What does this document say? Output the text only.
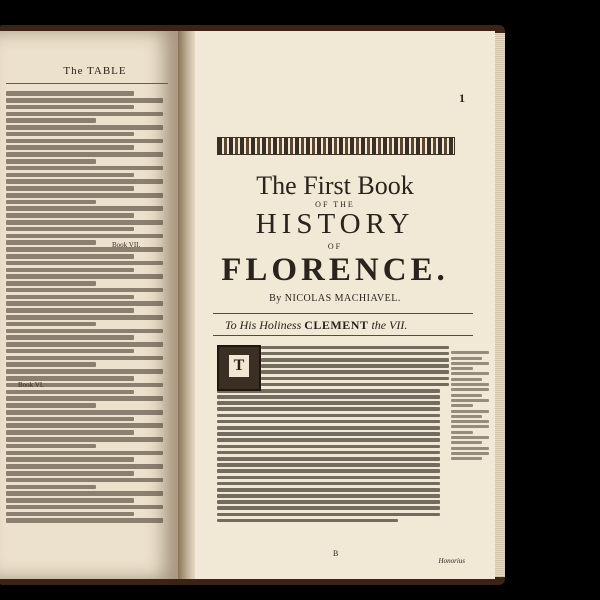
The TABLE
Book VII.
Book VI.
1
The First Book
OF THE
HISTORY
OF
FLORENCE.
By NICOLAS MACHIAVEL.
To His Holiness CLEMENT the VII.
T
B
Honorius
